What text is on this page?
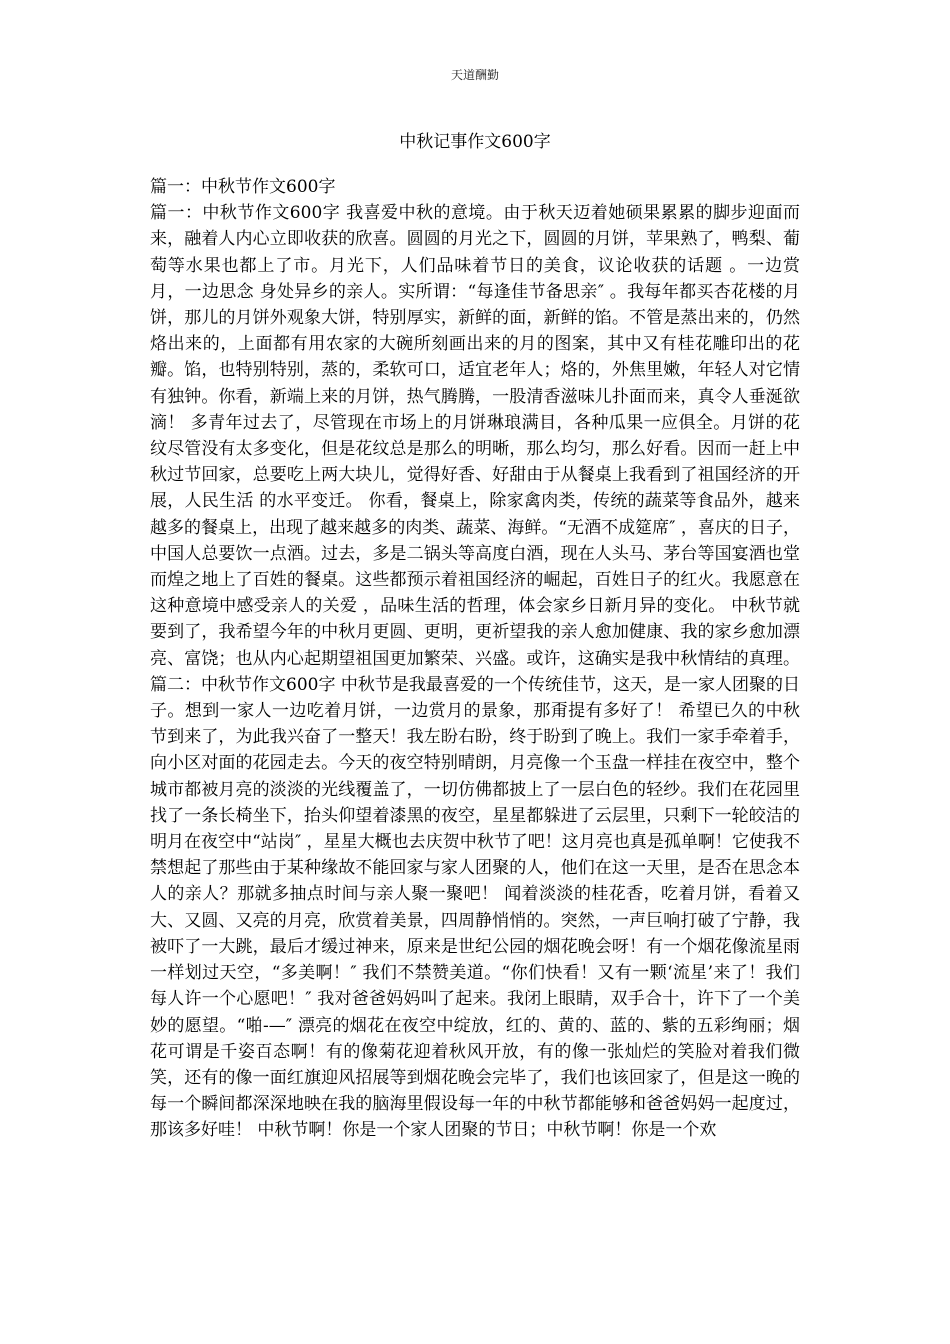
天道酬勤
中秋记事作文600字

篇一：中秋节作文600字

篇一：中秋节作文600字 我喜爱中秋的意境。由于秋天迈着她硕果累累的脚步迎面而来，融着人内心立即收获的欣喜。圆圆的月光之下，圆圆的月饼，苹果熟了，鸭梨、葡萄等水果也都上了市。月光下，人们品味着节日的美食，议论收获的话题 。一边赏月，一边思念 身处异乡的亲人。实所谓：“每逢佳节备思亲″ 。我每年都买杏花楼的月饼，那儿的月饼外观象大饼，特别厚实，新鲜的面，新鲜的馅。不管是蒸出来的，仍然烙出来的，上面都有用农家的大碗所刻画出来的月的图案，其中又有桂花雕印出的花瓣。馅，也特别特别，蒸的，柔软可口，适宜老年人；烙的，外焦里嫩，年轻人对它情有独钟。你看，新端上来的月饼，热气腾腾，一股清香滋味儿扑面而来，真令人垂涎欲滴！ 多青年过去了，尽管现在市场上的月饼琳琅满目，各种瓜果一应俱全。月饼的花纹尽管没有太多变化，但是花纹总是那么的明晰，那么均匀，那么好看。因而一赶上中秋过节回家，总要吃上两大块儿，觉得好香、好甜由于从餐桌上我看到了祖国经济的开展，人民生活 的水平变迁。 你看，餐桌上，除家禽肉类，传统的蔬菜等食品外，越来越多的餐桌上，出现了越来越多的肉类、蔬菜、海鲜。“无酒不成筵席″ ，喜庆的日子，中国人总要饮一点酒。过去，多是二锅头等高度白酒，现在人头马、茅台等国宴酒也堂而煌之地上了百姓的餐桌。这些都预示着祖国经济的崛起，百姓日子的红火。我愿意在这种意境中感受亲人的关爱 ，品味生活的哲理，体会家乡日新月异的变化。 中秋节就要到了，我希望今年的中秋月更圆、更明，更祈望我的亲人愈加健康、我的家乡愈加漂亮、富饶；也从内心起期望祖国更加繁荣、兴盛。或许，这确实是我中秋情结的真理。 篇二：中秋节作文600字 中秋节是我最喜爱的一个传统佳节，这天，是一家人团聚的日子。想到一家人一边吃着月饼，一边赏月的景象，那甭提有多好了！ 希望已久的中秋节到来了，为此我兴奋了一整天！我左盼右盼，终于盼到了晚上。我们一家手牵着手，向小区对面的花园走去。今天的夜空特别晴朗，月亮像一个玉盘一样挂在夜空中，整个城市都被月亮的淡淡的光线覆盖了，一切仿佛都披上了一层白色的轻纱。我们在花园里找了一条长椅坐下，抬头仰望着漆黑的夜空，星星都躲进了云层里，只剩下一轮皎洁的明月在夜空中“站岗″ ，星星大概也去庆贺中秋节了吧！这月亮也真是孤单啊！它使我不禁想起了那些由于某种缘故不能回家与家人团聚的人，他们在这一天里，是否在思念本人的亲人？那就多抽点时间与亲人聚一聚吧！ 闻着淡淡的桂花香，吃着月饼，看着又大、又圆、又亮的月亮，欣赏着美景，四周静悄悄的。突然，一声巨响打破了宁静，我被吓了一大跳，最后才缓过神来，原来是世纪公园的烟花晚会呀！有一个烟花像流星雨一样划过天空，“多美啊！″ 我们不禁赞美道。“你们快看！又有一颗‘流星’来了！我们每人许一个心愿吧！″ 我对爸爸妈妈叫了起来。我闭上眼睛，双手合十，许下了一个美妙的愿望。“啪-—″ 漂亮的烟花在夜空中绽放，红的、黄的、蓝的、紫的五彩绚丽；烟花可谓是千姿百态啊！有的像菊花迎着秋风开放，有的像一张灿烂的笑脸对着我们微笑，还有的像一面红旗迎风招展等到烟花晚会完毕了，我们也该回家了，但是这一晚的每一个瞬间都深深地映在我的脑海里假设每一年的中秋节都能够和爸爸妈妈一起度过，那该多好哇！ 中秋节啊！你是一个家人团聚的节日；中秋节啊！你是一个欢
